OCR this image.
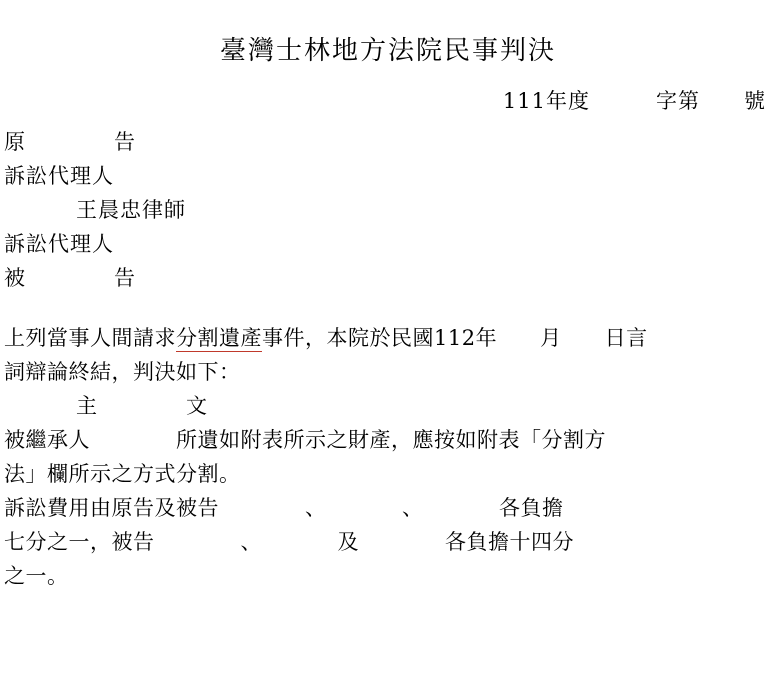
臺灣士林地方法院民事判決
111年度　　　字第　　號
原　　　　告
訴訟代理人
王晨忠律師
訴訟代理人
被　　　　告
上列當事人間請求分割遺產事件，本院於民國112年　　月　　日言
詞辯論終結，判決如下：
主　　　　文
被繼承人　　　　所遺如附表所示之財產，應按如附表「分割方
法」欄所示之方式分割。
訴訟費用由原告及被告　　　　、　　　　、　　　　各負擔
七分之一，被告　　　　、　　　　及　　　　各負擔十四分
之一。
